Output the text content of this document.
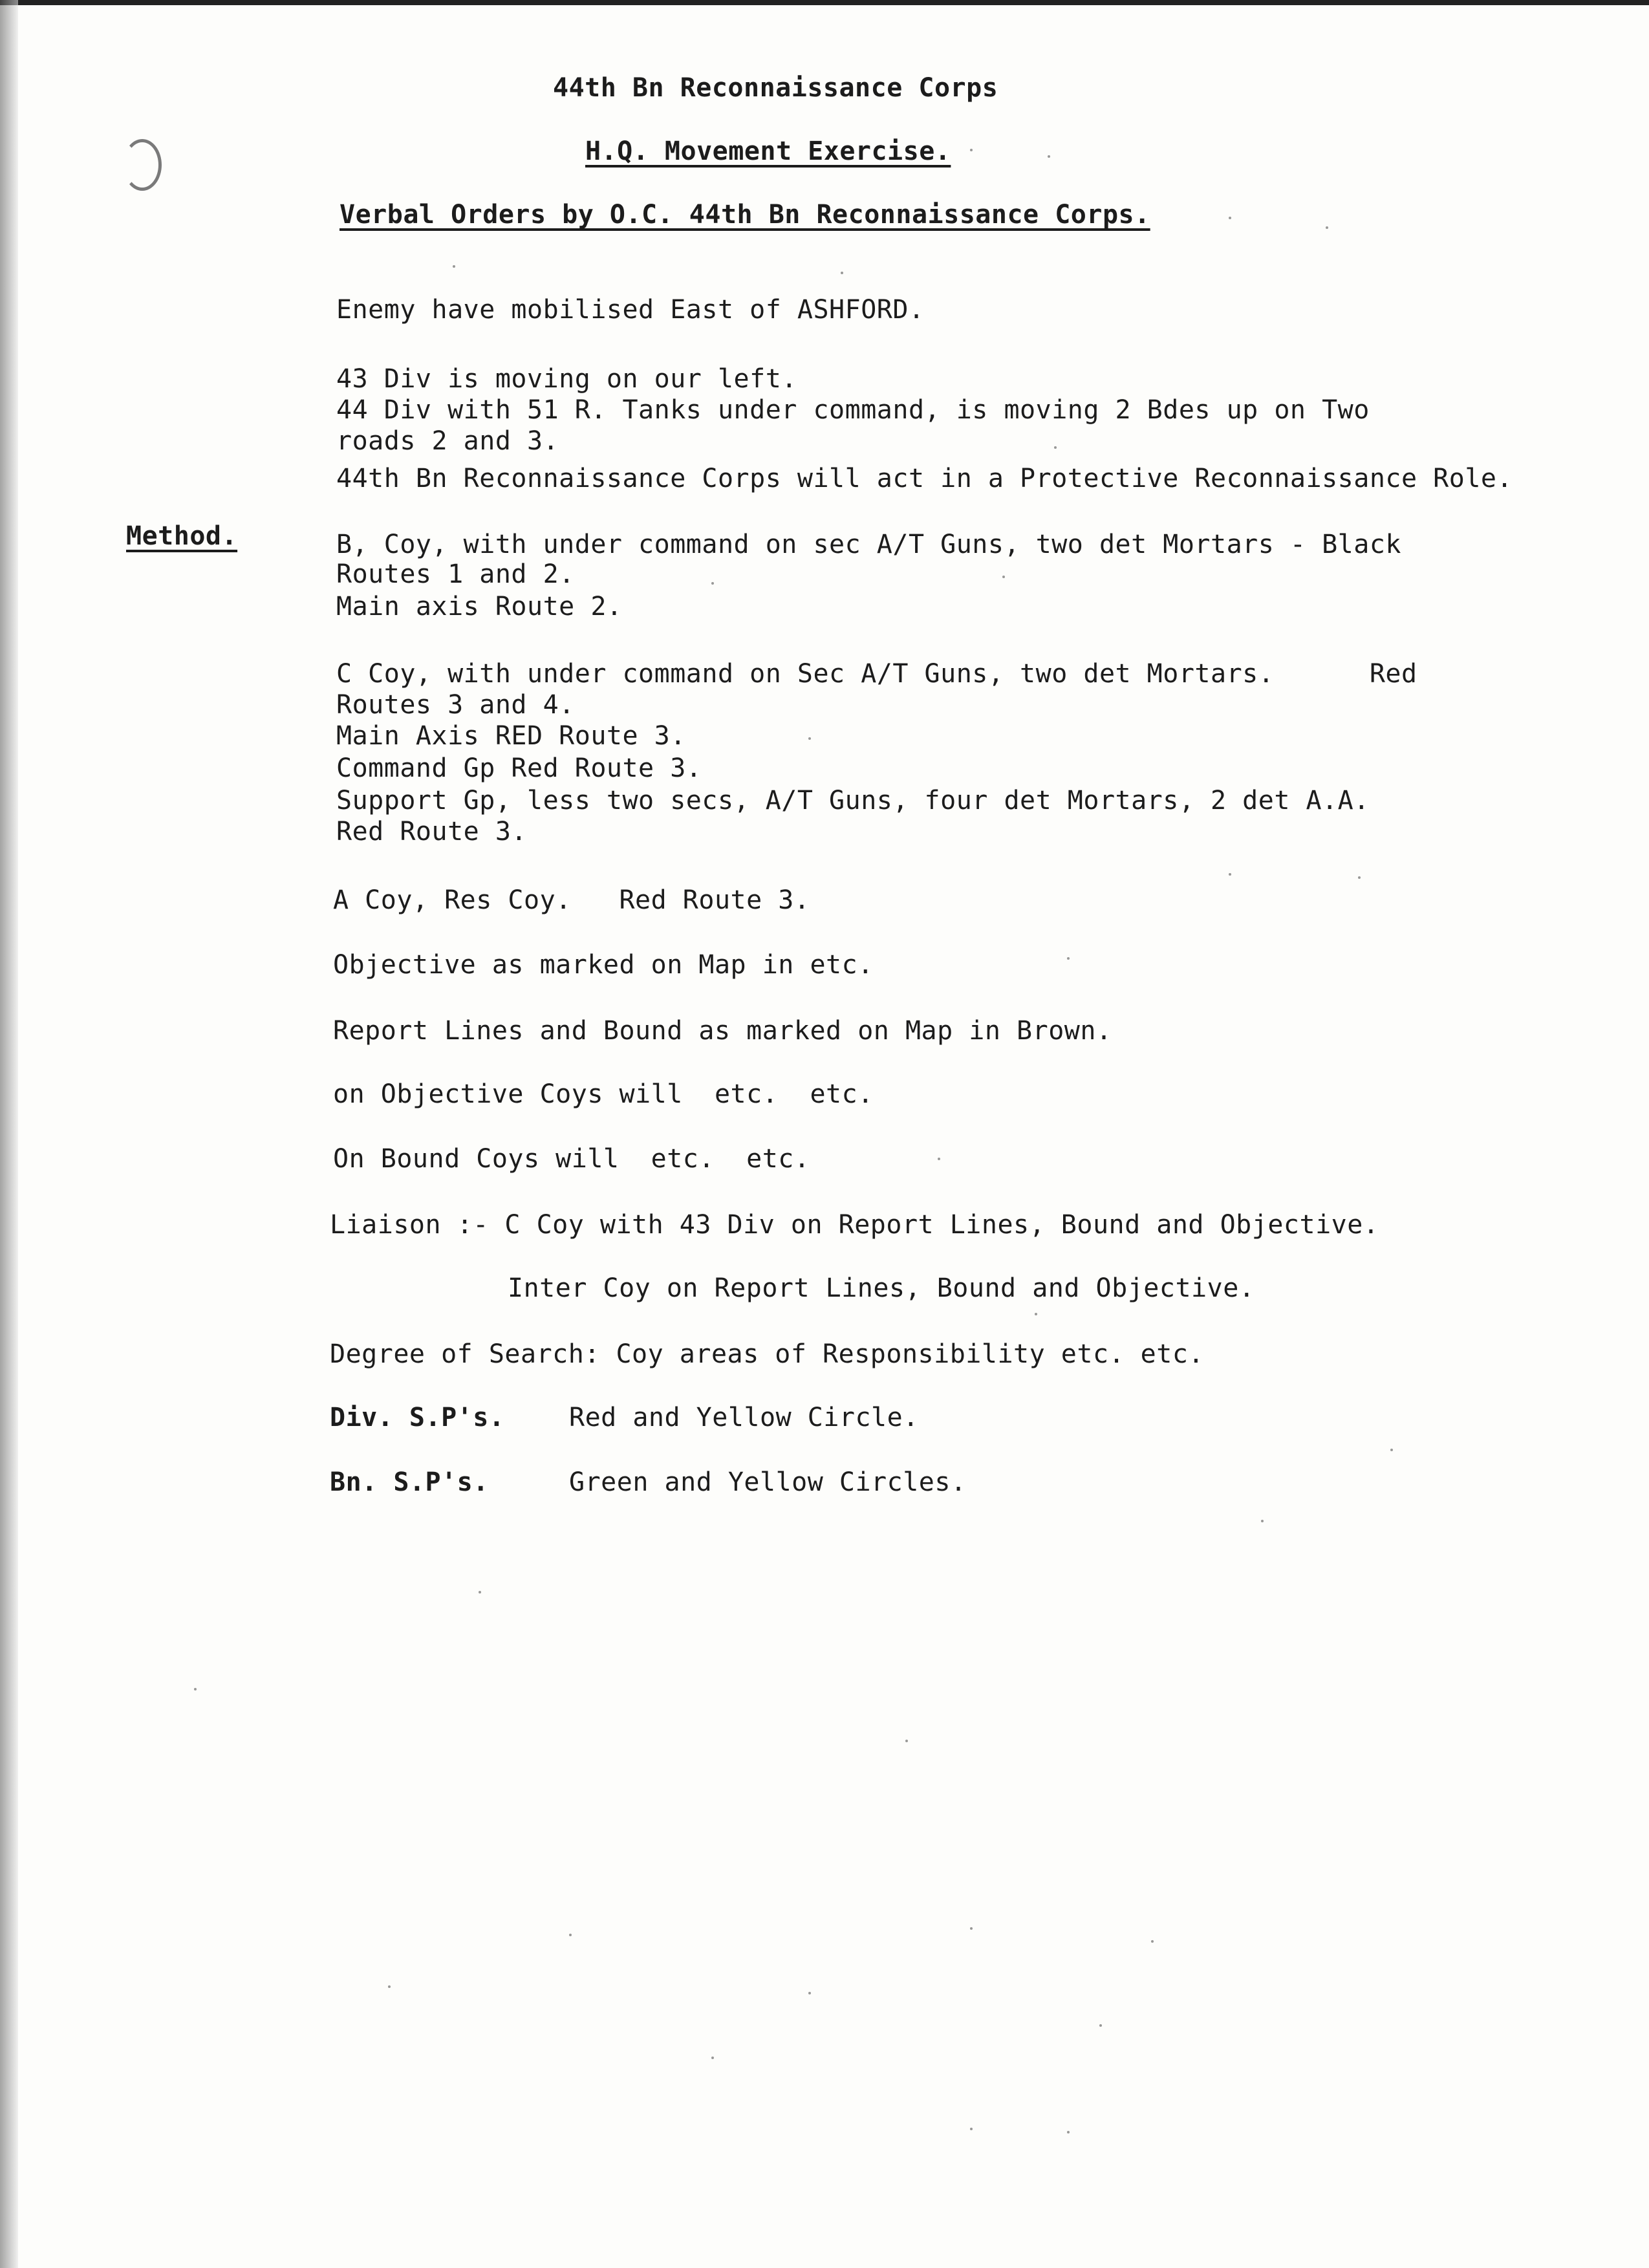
44th Bn Reconnaissance Corps
H.Q. Movement Exercise.
Verbal Orders by O.C. 44th Bn Reconnaissance Corps.
Enemy have mobilised East of ASHFORD.
43 Div is moving on our left.
44 Div with 51 R. Tanks under command, is moving 2 Bdes up on Two
roads 2 and 3.
44th Bn Reconnaissance Corps will act in a Protective Reconnaissance Role.
Method.	B, Coy, with under command on sec A/T Guns, two det Mortars - Black
Routes 1 and 2.
Main axis Route 2.
C Coy, with under command on Sec A/T Guns, two det Mortars.      Red
Routes 3 and 4.
Main Axis RED Route 3.
Command Gp Red Route 3.
Support Gp, less two secs, A/T Guns, four det Mortars, 2 det A.A.
Red Route 3.
A Coy, Res Coy.   Red Route 3.
Objective as marked on Map in etc.
Report Lines and Bound as marked on Map in Brown.
on Objective Coys will  etc.  etc.
On Bound Coys will  etc.  etc.
Liaison :- C Coy with 43 Div on Report Lines, Bound and Objective.
Inter Coy on Report Lines, Bound and Objective.
Degree of Search: Coy areas of Responsibility etc. etc.
Div. S.P's. Red and Yellow Circle.
Bn. S.P's.	Green and Yellow Circles.
